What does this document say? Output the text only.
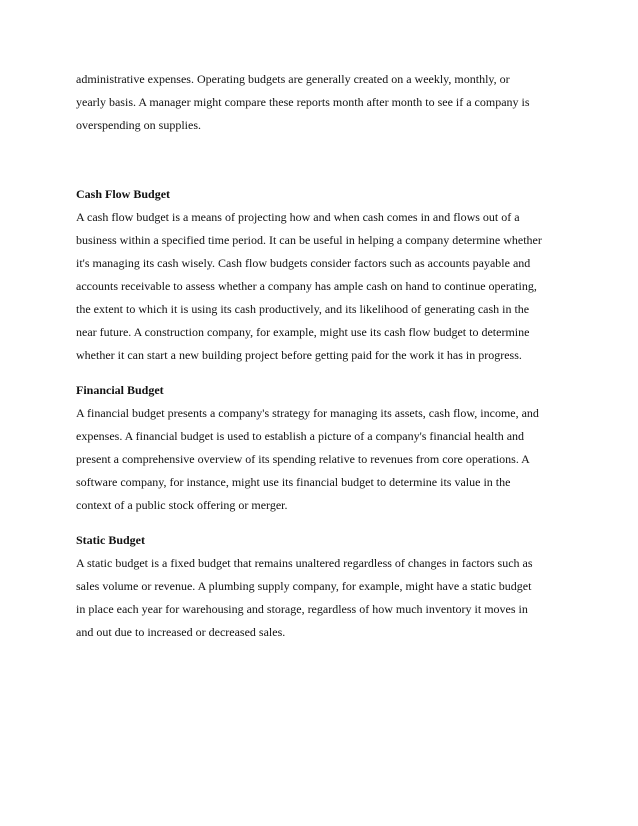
administrative expenses. Operating budgets are generally created on a weekly, monthly, or
yearly basis. A manager might compare these reports month after month to see if a company is
overspending on supplies.

Cash Flow Budget

A cash flow budget is a means of projecting how and when cash comes in and flows out of a
business within a specified time period. It can be useful in helping a company determine whether
it's managing its cash wisely. Cash flow budgets consider factors such as accounts payable and
accounts receivable to assess whether a company has ample cash on hand to continue operating,
the extent to which it is using its cash productively, and its likelihood of generating cash in the
near future. A construction company, for example, might use its cash flow budget to determine
whether it can start a new building project before getting paid for the work it has in progress.

Financial Budget

A financial budget presents a company's strategy for managing its assets, cash flow, income, and
expenses. A financial budget is used to establish a picture of a company's financial health and
present a comprehensive overview of its spending relative to revenues from core operations. A
software company, for instance, might use its financial budget to determine its value in the
context of a public stock offering or merger.

Static Budget

A static budget is a fixed budget that remains unaltered regardless of changes in factors such as
sales volume or revenue. A plumbing supply company, for example, might have a static budget
in place each year for warehousing and storage, regardless of how much inventory it moves in
and out due to increased or decreased sales.
